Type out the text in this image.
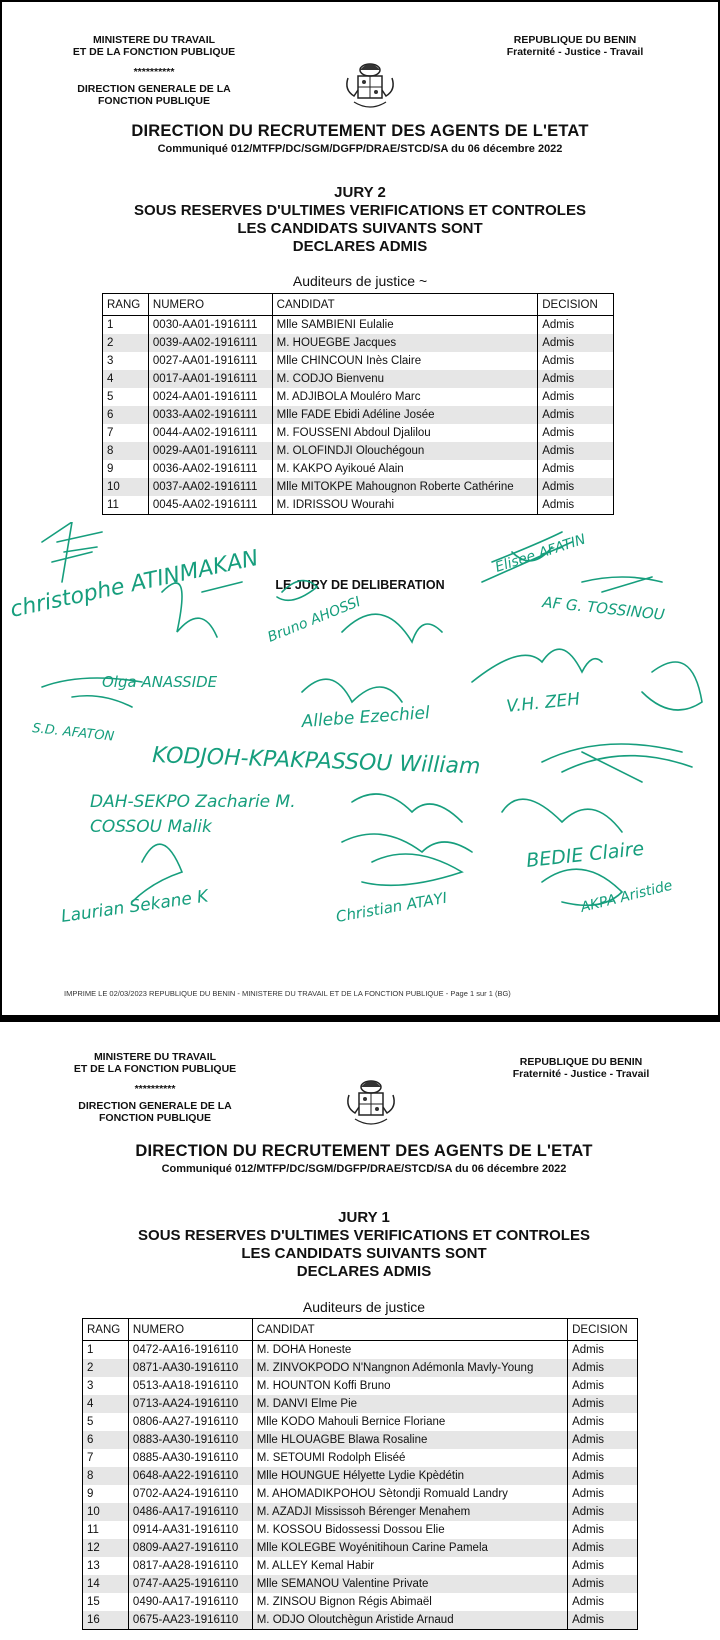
MINISTERE DU TRAVAIL
ET DE LA FONCTION PUBLIQUE
**********
DIRECTION GENERALE DE LA
FONCTION PUBLIQUE
REPUBLIQUE DU BENIN
Fraternité - Justice - Travail
DIRECTION DU RECRUTEMENT DES AGENTS DE L'ETAT
Communiqué 012/MTFP/DC/SGM/DGFP/DRAE/STCD/SA du 06 décembre 2022
JURY 2
SOUS RESERVES D'ULTIMES VERIFICATIONS ET CONTROLES
LES CANDIDATS SUIVANTS SONT
DECLARES ADMIS
Auditeurs de justice ~
RANG	NUMERO	CANDIDAT	DECISION
1	0030-AA01-1916111	Mlle SAMBIENI Eulalie	Admis
2	0039-AA02-1916111	M. HOUEGBE Jacques	Admis
3	0027-AA01-1916111	Mlle CHINCOUN Inès Claire	Admis
4	0017-AA01-1916111	M. CODJO Bienvenu	Admis
5	0024-AA01-1916111	M. ADJIBOLA Mouléro Marc	Admis
6	0033-AA02-1916111	Mlle FADE Ebidi Adéline Josée	Admis
7	0044-AA02-1916111	M. FOUSSENI Abdoul Djalilou	Admis
8	0029-AA01-1916111	M. OLOFINDJI Olouchégoun	Admis
9	0036-AA02-1916111	M. KAKPO Ayikoué Alain	Admis
10	0037-AA02-1916111	Mlle MITOKPE Mahougnon Roberte Cathérine	Admis
11	0045-AA02-1916111	M. IDRISSOU Wourahi	Admis
LE JURY DE DELIBERATION
christophe ATINMAKAN	Elisee AFATIN
AF G. TOSSINOU
Bruno AHOSSI
Olga ANASSIDE
S.D. AFATON
Allebe Ezechiel	V.H. ZEH
KODJOH-KPAKPASSOU William
DAH-SEKPO Zacharie M.
COSSOU Malik
BEDIE Claire
Laurian Sekane K	Christian ATAYI	AKPA Aristide
IMPRIME LE 02/03/2023 REPUBLIQUE DU BENIN - MINISTERE DU TRAVAIL ET DE LA FONCTION PUBLIQUE - Page 1 sur 1 (BG)
MINISTERE DU TRAVAIL
ET DE LA FONCTION PUBLIQUE
**********
DIRECTION GENERALE DE LA
FONCTION PUBLIQUE
REPUBLIQUE DU BENIN
Fraternité - Justice - Travail
DIRECTION DU RECRUTEMENT DES AGENTS DE L'ETAT
Communiqué 012/MTFP/DC/SGM/DGFP/DRAE/STCD/SA du 06 décembre 2022
JURY 1
SOUS RESERVES D'ULTIMES VERIFICATIONS ET CONTROLES
LES CANDIDATS SUIVANTS SONT
DECLARES ADMIS
Auditeurs de justice
RANG	NUMERO	CANDIDAT	DECISION
1	0472-AA16-1916110	M. DOHA Honeste	Admis
2	0871-AA30-1916110	M. ZINVOKPODO N'Nangnon Adémonla Mavly-Young	Admis
3	0513-AA18-1916110	M. HOUNTON Koffi Bruno	Admis
4	0713-AA24-1916110	M. DANVI Elme Pie	Admis
5	0806-AA27-1916110	Mlle KODO Mahouli Bernice Floriane	Admis
6	0883-AA30-1916110	Mlle HLOUAGBE Blawa Rosaline	Admis
7	0885-AA30-1916110	M. SETOUMI Rodolph Eliséé	Admis
8	0648-AA22-1916110	Mlle HOUNGUE Hélyette Lydie Kpèdétin	Admis
9	0702-AA24-1916110	M. AHOMADIKPOHOU Sètondji Romuald Landry	Admis
10	0486-AA17-1916110	M. AZADJI Mississoh Bérenger Menahem	Admis
11	0914-AA31-1916110	M. KOSSOU Bidossessi Dossou Elie	Admis
12	0809-AA27-1916110	Mlle KOLEGBE Woyénitihoun Carine Pamela	Admis
13	0817-AA28-1916110	M. ALLEY Kemal Habir	Admis
14	0747-AA25-1916110	Mlle SEMANOU Valentine Private	Admis
15	0490-AA17-1916110	M. ZINSOU Bignon Régis Abimaël	Admis
16	0675-AA23-1916110	M. ODJO Oloutchègun Aristide Arnaud	Admis
